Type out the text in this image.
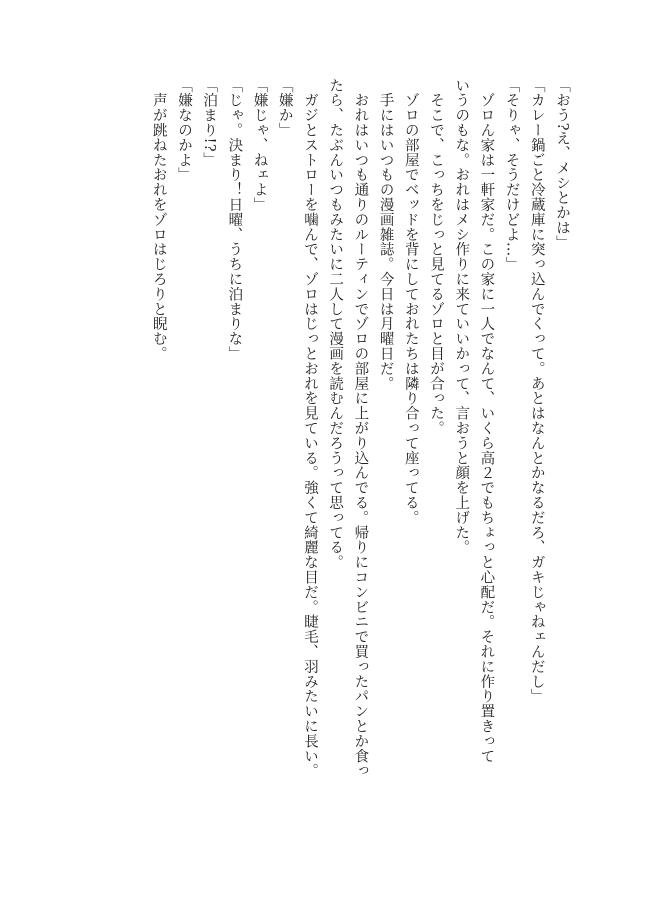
「おう?え、メシとかは」
「カレー鍋ごと冷蔵庫に突っ込んでくって。あとはなんとかなるだろ、ガキじゃねェんだし」
「そりゃ、そうだけどよ…」
　ゾロん家は一軒家だ。この家に一人でなんて、いくら高２でもちょっと心配だ。それに作り置きって
いうのもな。おれはメシ作りに来ていいかって、言おうと顔を上げた。
　そこで、こっちをじっと見てるゾロと目が合った。
　ゾロの部屋でベッドを背にしておれたちは隣り合って座ってる。
　手にはいつもの漫画雑誌。今日は月曜日だ。
　おれはいつも通りのルーティンでゾロの部屋に上がり込んでる。帰りにコンビニで買ったパンとか食っ
たら、たぶんいつもみたいに二人して漫画を読むんだろうって思ってる。
　ガジとストローを噛んで、ゾロはじっとおれを見ている。強くて綺麗な目だ。睫毛、羽みたいに長い。
「嫌か」
「嫌じゃ、ねェよ」
「じゃ。決まり！日曜、うちに泊まりな」
「泊まり!?」
「嫌なのかよ」
　声が跳ねたおれをゾロはじろりと睨む。
